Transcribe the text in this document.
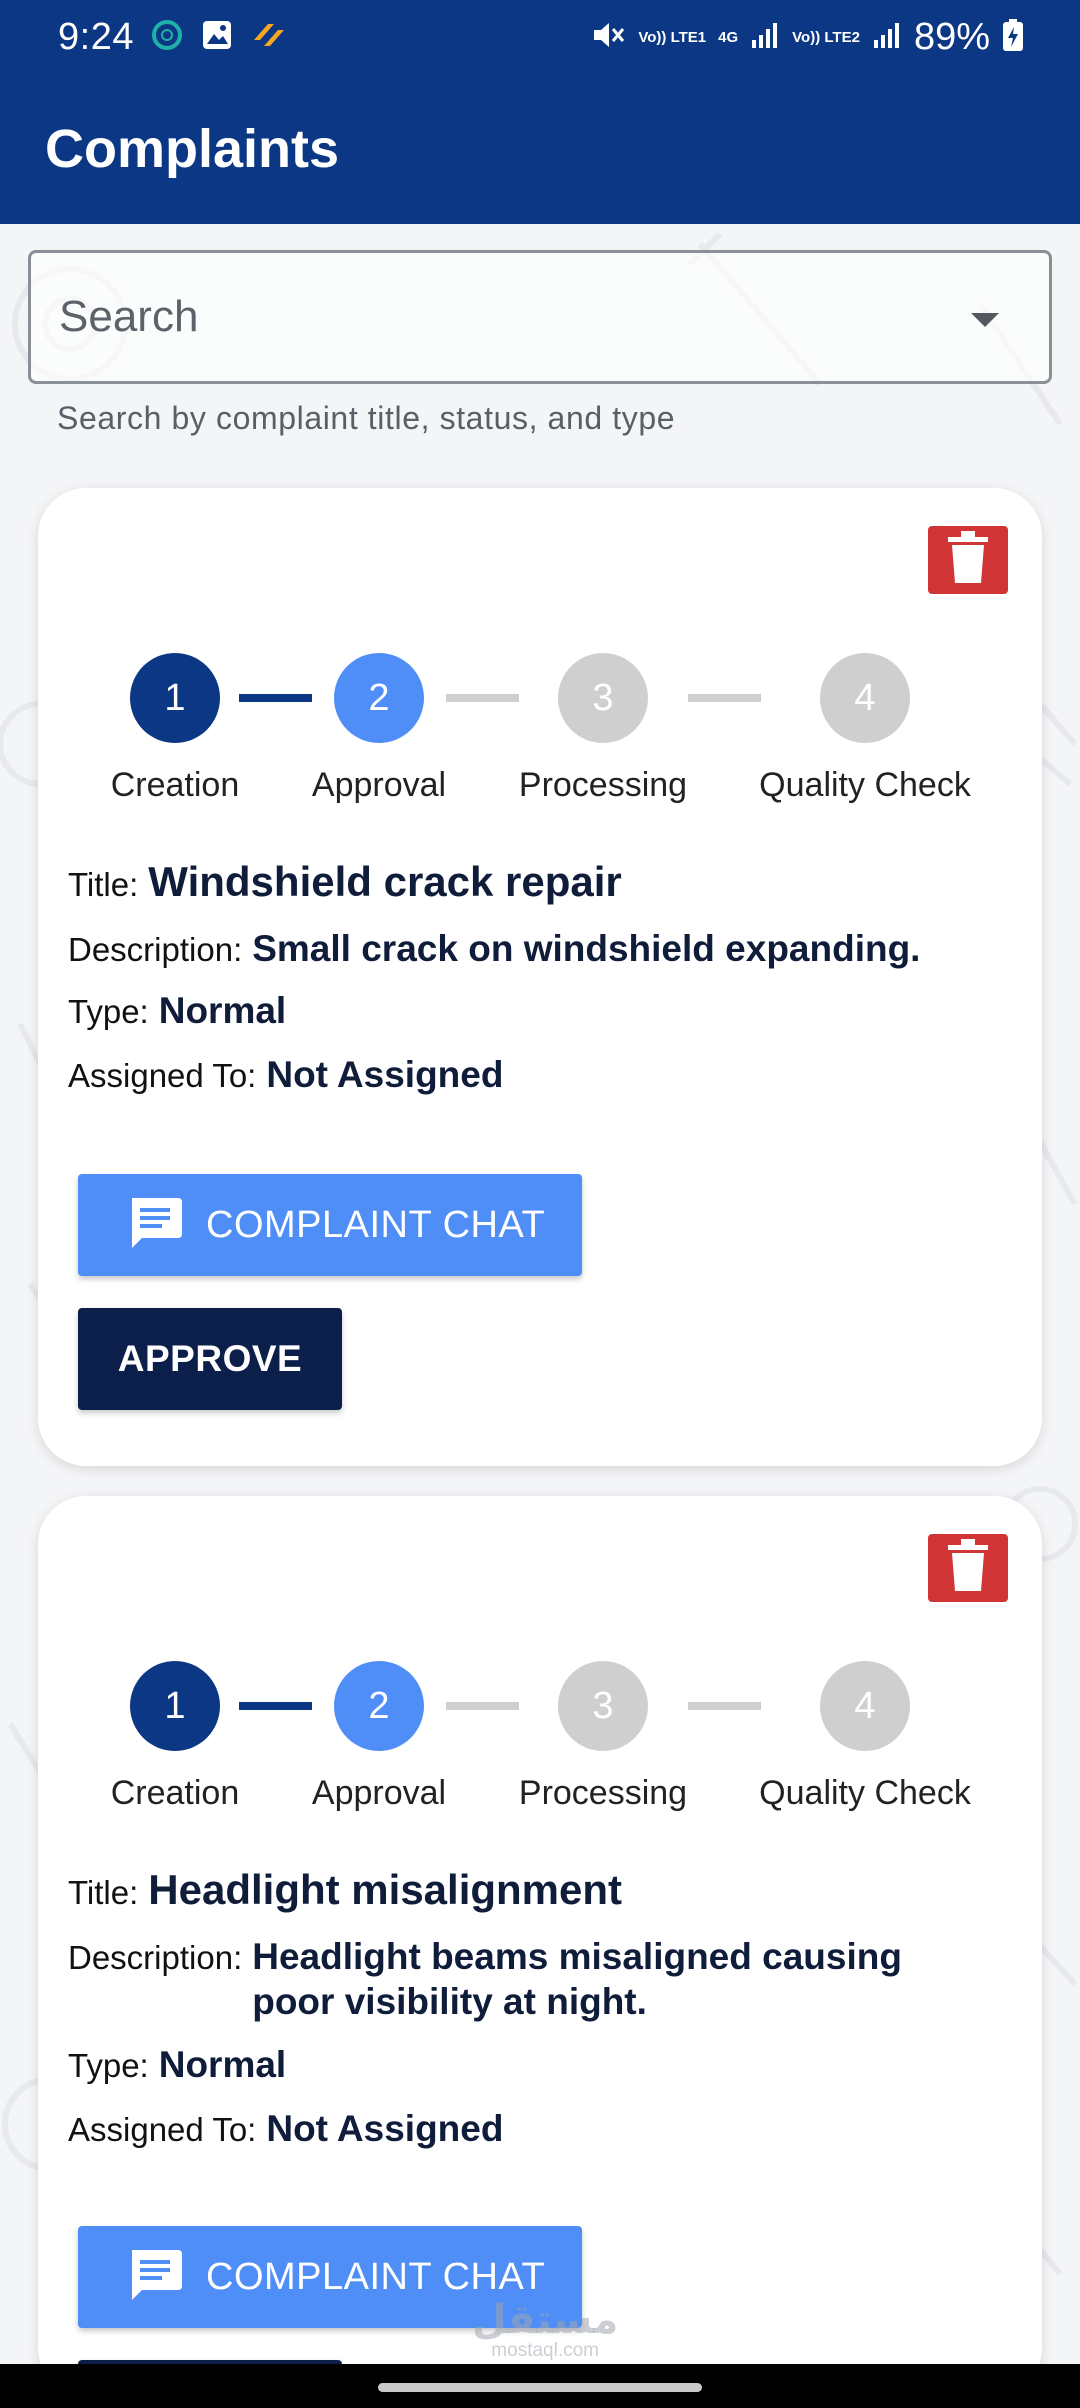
9:24	Vo)) LTE1 4G	Vo)) LTE2 89%
Complaints
Search
Search by complaint title, status, and type
1	2	3	4
Creation Approval Processing Quality Check
Title: Windshield crack repair
Description: Small crack on windshield expanding.
Type: Normal
Assigned To: Not Assigned
COMPLAINT CHAT
APPROVE
1	2	3	4
Creation Approval Processing Quality Check
Title: Headlight misalignment
Description: Headlight beams misaligned causing poor visibility at night.
Type: Normal
Assigned To: Not Assigned
COMPLAINT CHAT
مستقل
mostaql.com
